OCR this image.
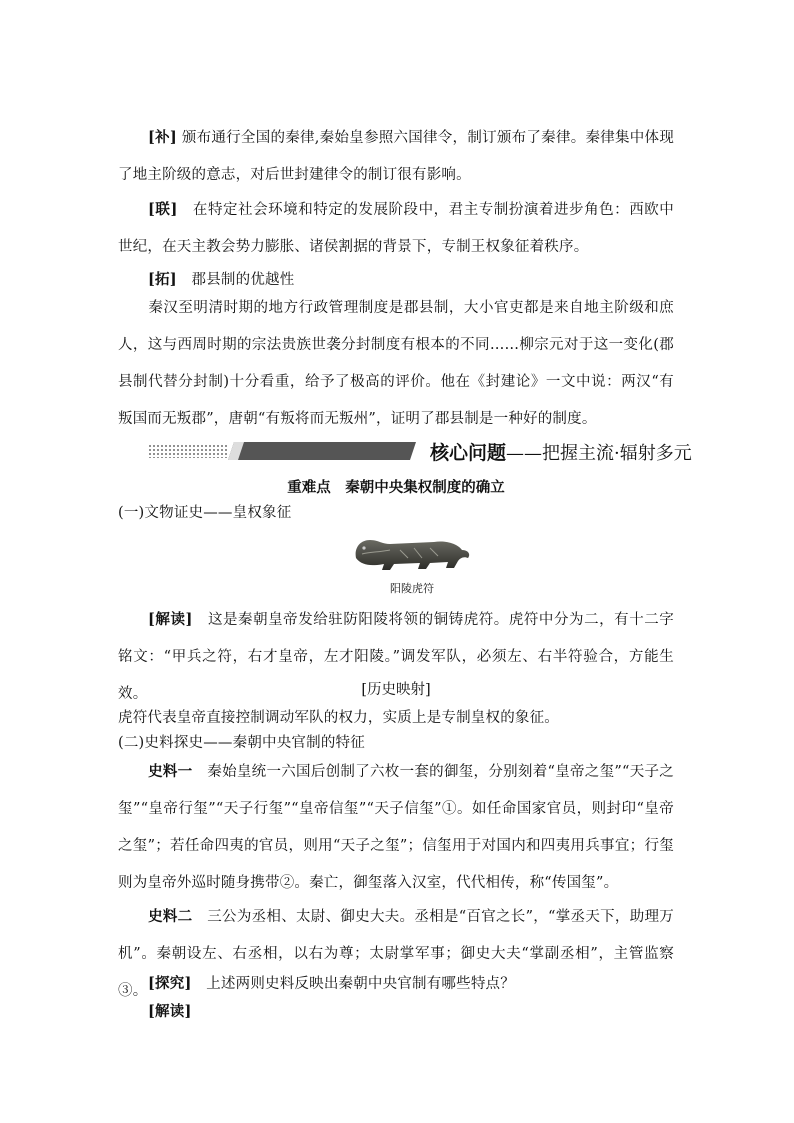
[补] 颁布通行全国的秦律,秦始皇参照六国律令，制订颁布了秦律。秦律集中体现了地主阶级的意志，对后世封建律令的制订很有影响。

[联]　 在特定社会环境和特定的发展阶段中，君主专制扮演着进步角色：西欧中世纪，在天主教会势力膨胀、诸侯割据的背景下，专制王权象征着秩序。

[拓]　 郡县制的优越性

秦汉至明清时期的地方行政管理制度是郡县制，大小官吏都是来自地主阶级和庶人，这与西周时期的宗法贵族世袭分封制度有根本的不同……柳宗元对于这一变化(郡县制代替分封制)十分看重，给予了极高的评价。他在《封建论》一文中说：两汉“有叛国而无叛郡”，唐朝“有叛将而无叛州”，证明了郡县制是一种好的制度。

核心问题——把握主流·辐射多元
重难点　秦朝中央集权制度的确立
(一)文物证史——皇权象征
阳陵虎符

[解读]　 这是秦朝皇帝发给驻防阳陵将领的铜铸虎符。虎符中分为二，有十二字铭文：“甲兵之符，右才皇帝，左才阳陵。”调发军队，必须左、右半符验合，方能生效。	[历史映射]
虎符代表皇帝直接控制调动军队的权力，实质上是专制皇权的象征。
(二)史料探史——秦朝中央官制的特征

史料一　 秦始皇统一六国后创制了六枚一套的御玺，分别刻着“皇帝之玺”“天子之玺”“皇帝行玺”“天子行玺”“皇帝信玺”“天子信玺”①。如任命国家官员，则封印“皇帝之玺”；若任命四夷的官员，则用“天子之玺”；信玺用于对国内和四夷用兵事宜；行玺则为皇帝外巡时随身携带②。秦亡，御玺落入汉室，代代相传，称“传国玺”。

史料二　 三公为丞相、太尉、御史大夫。丞相是“百官之长”，“掌丞天下，助理万机”。秦朝设左、右丞相，以右为尊；太尉掌军事；御史大夫“掌副丞相”，主管监察③。 [探究]　 上述两则史料反映出秦朝中央官制有哪些特点？

[解读]
